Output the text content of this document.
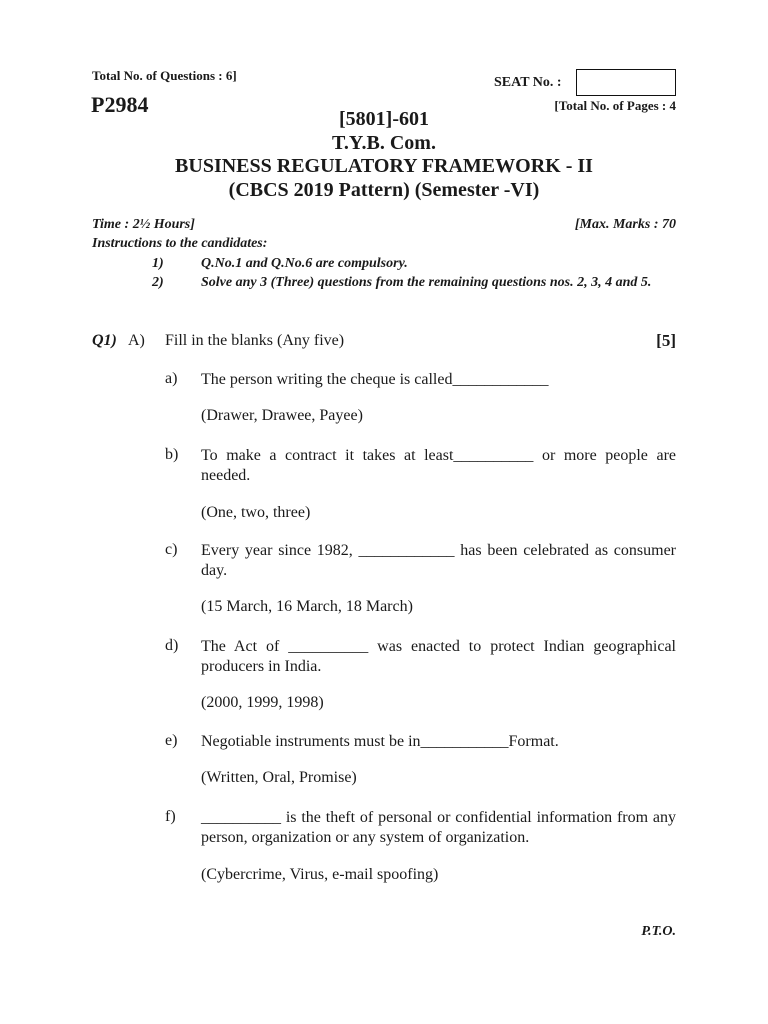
Total No. of Questions : 6]	SEAT No. :
P2984	[Total No. of Pages : 4
[5801]-601
T.Y.B. Com.
BUSINESS REGULATORY FRAMEWORK - II
(CBCS 2019 Pattern) (Semester -VI)
Time : 2½ Hours]	[Max. Marks : 70
Instructions to the candidates:
1)	Q.No.1 and Q.No.6 are compulsory.
2)	Solve any 3 (Three) questions from the remaining questions nos. 2, 3, 4 and 5.
Q1) A) Fill in the blanks (Any five)	[5]
a) The person writing the cheque is called____________
(Drawer, Drawee, Payee)
b) To make a contract it takes at least__________ or more people are needed.
(One, two, three)
c) Every year since 1982, ____________ has been celebrated as consumer day.
(15 March, 16 March, 18 March)
d) The Act of __________ was enacted to protect Indian geographical producers in India.
(2000, 1999, 1998)
e) Negotiable instruments must be in___________Format.
(Written, Oral, Promise)
f) __________ is the theft of personal or confidential information from any person, organization or any system of organization.
(Cybercrime, Virus, e-mail spoofing)
P.T.O.
